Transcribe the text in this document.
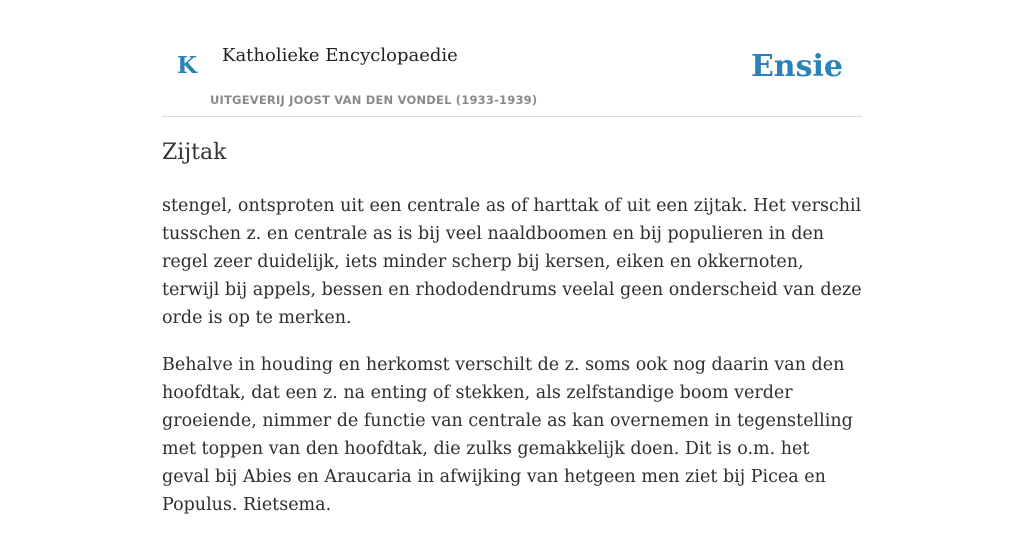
K Katholieke Encyclopaedie
UITGEVERIJ JOOST VAN DEN VONDEL (1933-1939)
Ensie
Zijtak

stengel, ontsproten uit een centrale as of harttak of uit een zijtak. Het verschil tusschen z. en centrale as is bij veel naaldboomen en bij populieren in den regel zeer duidelijk, iets minder scherp bij kersen, eiken en okkernoten, terwijl bij appels, bessen en rhododendrums veelal geen onderscheid van deze orde is op te merken.

Behalve in houding en herkomst verschilt de z. soms ook nog daarin van den hoofdtak, dat een z. na enting of stekken, als zelfstandige boom verder groeiende, nimmer de functie van centrale as kan overnemen in tegenstelling met toppen van den hoofdtak, die zulks gemakkelijk doen. Dit is o.m. het geval bij Abies en Araucaria in afwijking van hetgeen men ziet bij Picea en Populus. Rietsema.
